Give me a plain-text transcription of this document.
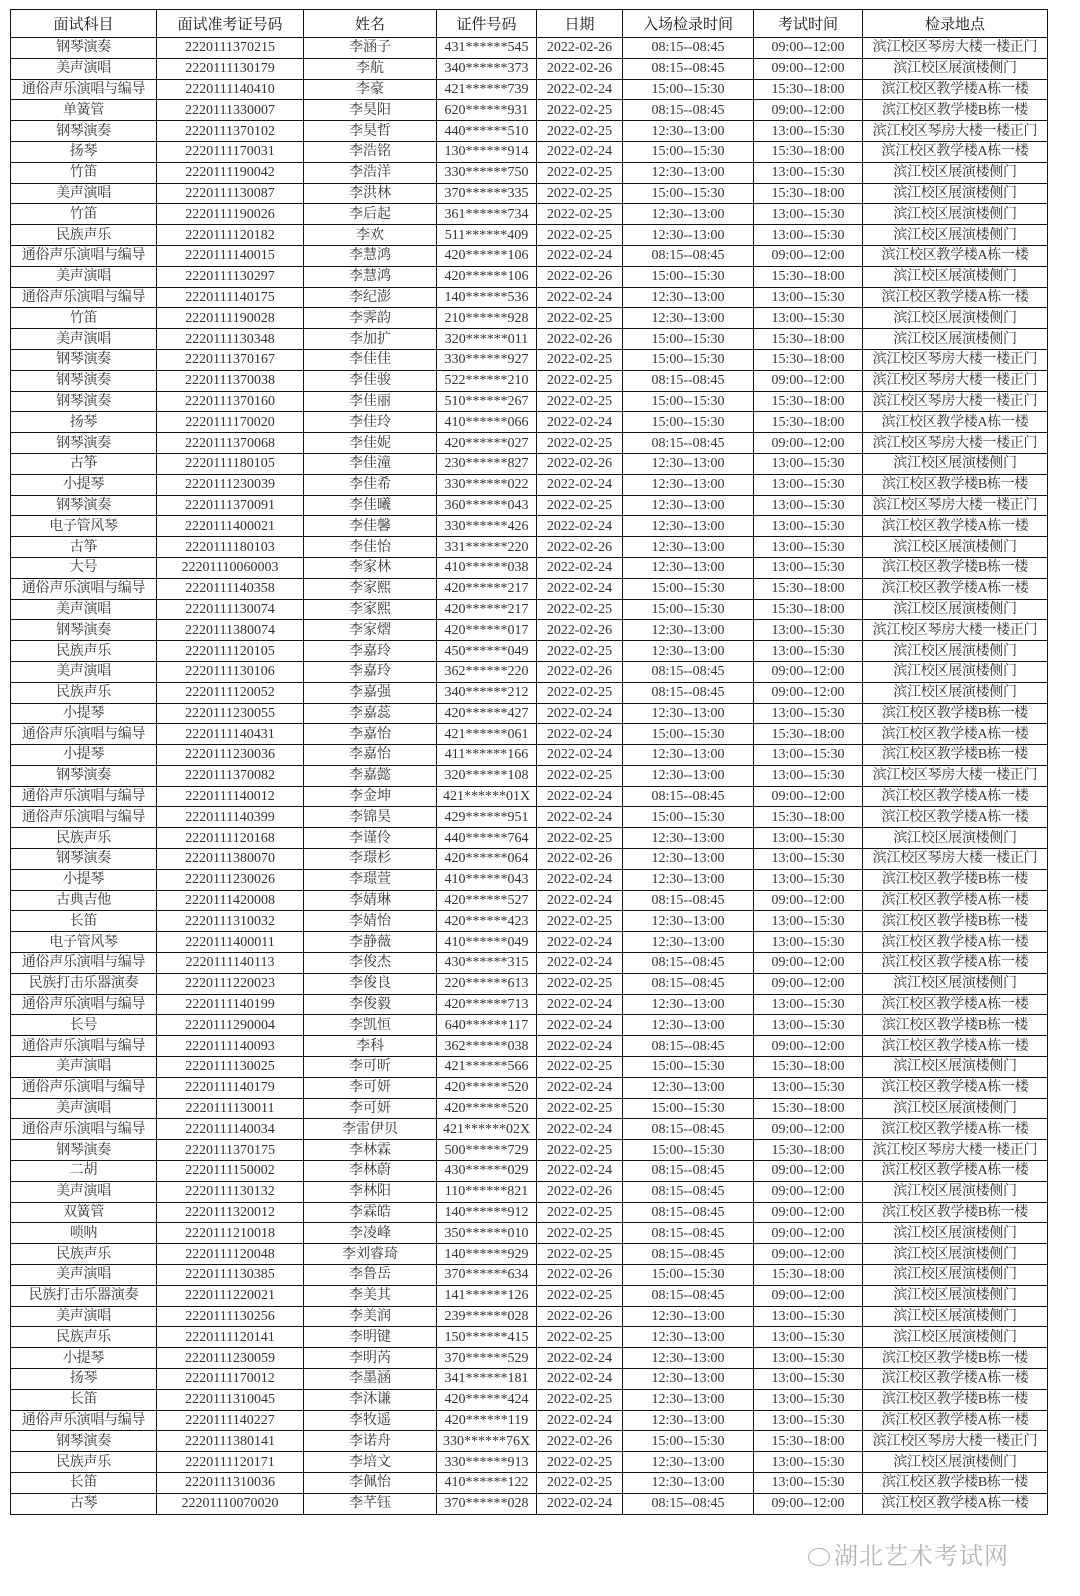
面试科目	面试准考证号码	姓名	证件号码	日期	入场检录时间	考试时间	检录地点
钢琴演奏	2220111370215	李涵子	431******545	2022-02-26	08:15--08:45	09:00--12:00	滨江校区琴房大楼一楼正门
美声演唱	2220111130179	李航	340******373	2022-02-26	08:15--08:45	09:00--12:00	滨江校区展演楼侧门
通俗声乐演唱与编导	2220111140410	李豪	421******739	2022-02-24	15:00--15:30	15:30--18:00	滨江校区教学楼A栋一楼
单簧管	2220111330007	李昊阳	620******931	2022-02-25	08:15--08:45	09:00--12:00	滨江校区教学楼B栋一楼
钢琴演奏	2220111370102	李昊哲	440******510	2022-02-25	12:30--13:00	13:00--15:30	滨江校区琴房大楼一楼正门
扬琴	2220111170031	李浩铭	130******914	2022-02-24	15:00--15:30	15:30--18:00	滨江校区教学楼A栋一楼
竹笛	2220111190042	李浩洋	330******750	2022-02-25	12:30--13:00	13:00--15:30	滨江校区展演楼侧门
美声演唱	2220111130087	李洪林	370******335	2022-02-25	15:00--15:30	15:30--18:00	滨江校区展演楼侧门
竹笛	2220111190026	李后起	361******734	2022-02-25	12:30--13:00	13:00--15:30	滨江校区展演楼侧门
民族声乐	2220111120182	李欢	511******409	2022-02-25	12:30--13:00	13:00--15:30	滨江校区展演楼侧门
通俗声乐演唱与编导	2220111140015	李慧鸿	420******106	2022-02-24	08:15--08:45	09:00--12:00	滨江校区教学楼A栋一楼
美声演唱	2220111130297	李慧鸿	420******106	2022-02-26	15:00--15:30	15:30--18:00	滨江校区展演楼侧门
通俗声乐演唱与编导	2220111140175	李纪澎	140******536	2022-02-24	12:30--13:00	13:00--15:30	滨江校区教学楼A栋一楼
竹笛	2220111190028	李霁韵	210******928	2022-02-25	12:30--13:00	13:00--15:30	滨江校区展演楼侧门
美声演唱	2220111130348	李加扩	320******011	2022-02-26	15:00--15:30	15:30--18:00	滨江校区展演楼侧门
钢琴演奏	2220111370167	李佳佳	330******927	2022-02-25	15:00--15:30	15:30--18:00	滨江校区琴房大楼一楼正门
钢琴演奏	2220111370038	李佳骏	522******210	2022-02-25	08:15--08:45	09:00--12:00	滨江校区琴房大楼一楼正门
钢琴演奏	2220111370160	李佳丽	510******267	2022-02-25	15:00--15:30	15:30--18:00	滨江校区琴房大楼一楼正门
扬琴	2220111170020	李佳玲	410******066	2022-02-24	15:00--15:30	15:30--18:00	滨江校区教学楼A栋一楼
钢琴演奏	2220111370068	李佳妮	420******027	2022-02-25	08:15--08:45	09:00--12:00	滨江校区琴房大楼一楼正门
古筝	2220111180105	李佳潼	230******827	2022-02-26	12:30--13:00	13:00--15:30	滨江校区展演楼侧门
小提琴	2220111230039	李佳希	330******022	2022-02-24	12:30--13:00	13:00--15:30	滨江校区教学楼B栋一楼
钢琴演奏	2220111370091	李佳曦	360******043	2022-02-25	12:30--13:00	13:00--15:30	滨江校区琴房大楼一楼正门
电子管风琴	2220111400021	李佳馨	330******426	2022-02-24	12:30--13:00	13:00--15:30	滨江校区教学楼A栋一楼
古筝	2220111180103	李佳怡	331******220	2022-02-26	12:30--13:00	13:00--15:30	滨江校区展演楼侧门
大号	22201110060003	李家林	410******038	2022-02-24	12:30--13:00	13:00--15:30	滨江校区教学楼B栋一楼
通俗声乐演唱与编导	2220111140358	李家熙	420******217	2022-02-24	15:00--15:30	15:30--18:00	滨江校区教学楼A栋一楼
美声演唱	2220111130074	李家熙	420******217	2022-02-25	15:00--15:30	15:30--18:00	滨江校区展演楼侧门
钢琴演奏	2220111380074	李家熠	420******017	2022-02-26	12:30--13:00	13:00--15:30	滨江校区琴房大楼一楼正门
民族声乐	2220111120105	李嘉玲	450******049	2022-02-25	12:30--13:00	13:00--15:30	滨江校区展演楼侧门
美声演唱	2220111130106	李嘉玲	362******220	2022-02-26	08:15--08:45	09:00--12:00	滨江校区展演楼侧门
民族声乐	2220111120052	李嘉强	340******212	2022-02-25	08:15--08:45	09:00--12:00	滨江校区展演楼侧门
小提琴	2220111230055	李嘉蕊	420******427	2022-02-24	12:30--13:00	13:00--15:30	滨江校区教学楼B栋一楼
通俗声乐演唱与编导	2220111140431	李嘉怡	421******061	2022-02-24	15:00--15:30	15:30--18:00	滨江校区教学楼A栋一楼
小提琴	2220111230036	李嘉怡	411******166	2022-02-24	12:30--13:00	13:00--15:30	滨江校区教学楼B栋一楼
钢琴演奏	2220111370082	李嘉懿	320******108	2022-02-25	12:30--13:00	13:00--15:30	滨江校区琴房大楼一楼正门
通俗声乐演唱与编导	2220111140012	李金坤	421******01X	2022-02-24	08:15--08:45	09:00--12:00	滨江校区教学楼A栋一楼
通俗声乐演唱与编导	2220111140399	李锦昊	429******951	2022-02-24	15:00--15:30	15:30--18:00	滨江校区教学楼A栋一楼
民族声乐	2220111120168	李谨伶	440******764	2022-02-25	12:30--13:00	13:00--15:30	滨江校区展演楼侧门
钢琴演奏	2220111380070	李璟杉	420******064	2022-02-26	12:30--13:00	13:00--15:30	滨江校区琴房大楼一楼正门
小提琴	2220111230026	李璟萱	410******043	2022-02-24	12:30--13:00	13:00--15:30	滨江校区教学楼B栋一楼
古典吉他	2220111420008	李婧琳	420******527	2022-02-24	08:15--08:45	09:00--12:00	滨江校区教学楼A栋一楼
长笛	2220111310032	李婧怡	420******423	2022-02-25	12:30--13:00	13:00--15:30	滨江校区教学楼B栋一楼
电子管风琴	2220111400011	李静薇	410******049	2022-02-24	12:30--13:00	13:00--15:30	滨江校区教学楼A栋一楼
通俗声乐演唱与编导	2220111140113	李俊杰	430******315	2022-02-24	08:15--08:45	09:00--12:00	滨江校区教学楼A栋一楼
民族打击乐器演奏	2220111220023	李俊良	220******613	2022-02-25	08:15--08:45	09:00--12:00	滨江校区展演楼侧门
通俗声乐演唱与编导	2220111140199	李俊毅	420******713	2022-02-24	12:30--13:00	13:00--15:30	滨江校区教学楼A栋一楼
长号	2220111290004	李凯恒	640******117	2022-02-24	12:30--13:00	13:00--15:30	滨江校区教学楼B栋一楼
通俗声乐演唱与编导	2220111140093	李科	362******038	2022-02-24	08:15--08:45	09:00--12:00	滨江校区教学楼A栋一楼
美声演唱	2220111130025	李可昕	421******566	2022-02-25	15:00--15:30	15:30--18:00	滨江校区展演楼侧门
通俗声乐演唱与编导	2220111140179	李可妍	420******520	2022-02-24	12:30--13:00	13:00--15:30	滨江校区教学楼A栋一楼
美声演唱	2220111130011	李可妍	420******520	2022-02-25	15:00--15:30	15:30--18:00	滨江校区展演楼侧门
通俗声乐演唱与编导	2220111140034	李雷伊贝	421******02X	2022-02-24	08:15--08:45	09:00--12:00	滨江校区教学楼A栋一楼
钢琴演奏	2220111370175	李林霖	500******729	2022-02-25	15:00--15:30	15:30--18:00	滨江校区琴房大楼一楼正门
二胡	2220111150002	李林蔚	430******029	2022-02-24	08:15--08:45	09:00--12:00	滨江校区教学楼A栋一楼
美声演唱	2220111130132	李林阳	110******821	2022-02-26	08:15--08:45	09:00--12:00	滨江校区展演楼侧门
双簧管	2220111320012	李霖皓	140******912	2022-02-25	08:15--08:45	09:00--12:00	滨江校区教学楼B栋一楼
唢呐	2220111210018	李凌峰	350******010	2022-02-25	08:15--08:45	09:00--12:00	滨江校区展演楼侧门
民族声乐	2220111120048	李刘睿琦	140******929	2022-02-25	08:15--08:45	09:00--12:00	滨江校区展演楼侧门
美声演唱	2220111130385	李鲁岳	370******634	2022-02-26	15:00--15:30	15:30--18:00	滨江校区展演楼侧门
民族打击乐器演奏	2220111220021	李美其	141******126	2022-02-25	08:15--08:45	09:00--12:00	滨江校区展演楼侧门
美声演唱	2220111130256	李美润	239******028	2022-02-26	12:30--13:00	13:00--15:30	滨江校区展演楼侧门
民族声乐	2220111120141	李明键	150******415	2022-02-25	12:30--13:00	13:00--15:30	滨江校区展演楼侧门
小提琴	2220111230059	李明芮	370******529	2022-02-24	12:30--13:00	13:00--15:30	滨江校区教学楼B栋一楼
扬琴	2220111170012	李墨涵	341******181	2022-02-24	12:30--13:00	13:00--15:30	滨江校区教学楼A栋一楼
长笛	2220111310045	李沐谦	420******424	2022-02-25	12:30--13:00	13:00--15:30	滨江校区教学楼B栋一楼
通俗声乐演唱与编导	2220111140227	李牧遥	420******119	2022-02-24	12:30--13:00	13:00--15:30	滨江校区教学楼A栋一楼
钢琴演奏	2220111380141	李诺舟	330******76X	2022-02-26	15:00--15:30	15:30--18:00	滨江校区琴房大楼一楼正门
民族声乐	2220111120171	李培文	330******913	2022-02-25	12:30--13:00	13:00--15:30	滨江校区展演楼侧门
长笛	2220111310036	李佩怡	410******122	2022-02-25	12:30--13:00	13:00--15:30	滨江校区教学楼B栋一楼
古琴	22201110070020	李芊钰	370******028	2022-02-24	08:15--08:45	09:00--12:00	滨江校区教学楼A栋一楼
湖北艺术考试网
